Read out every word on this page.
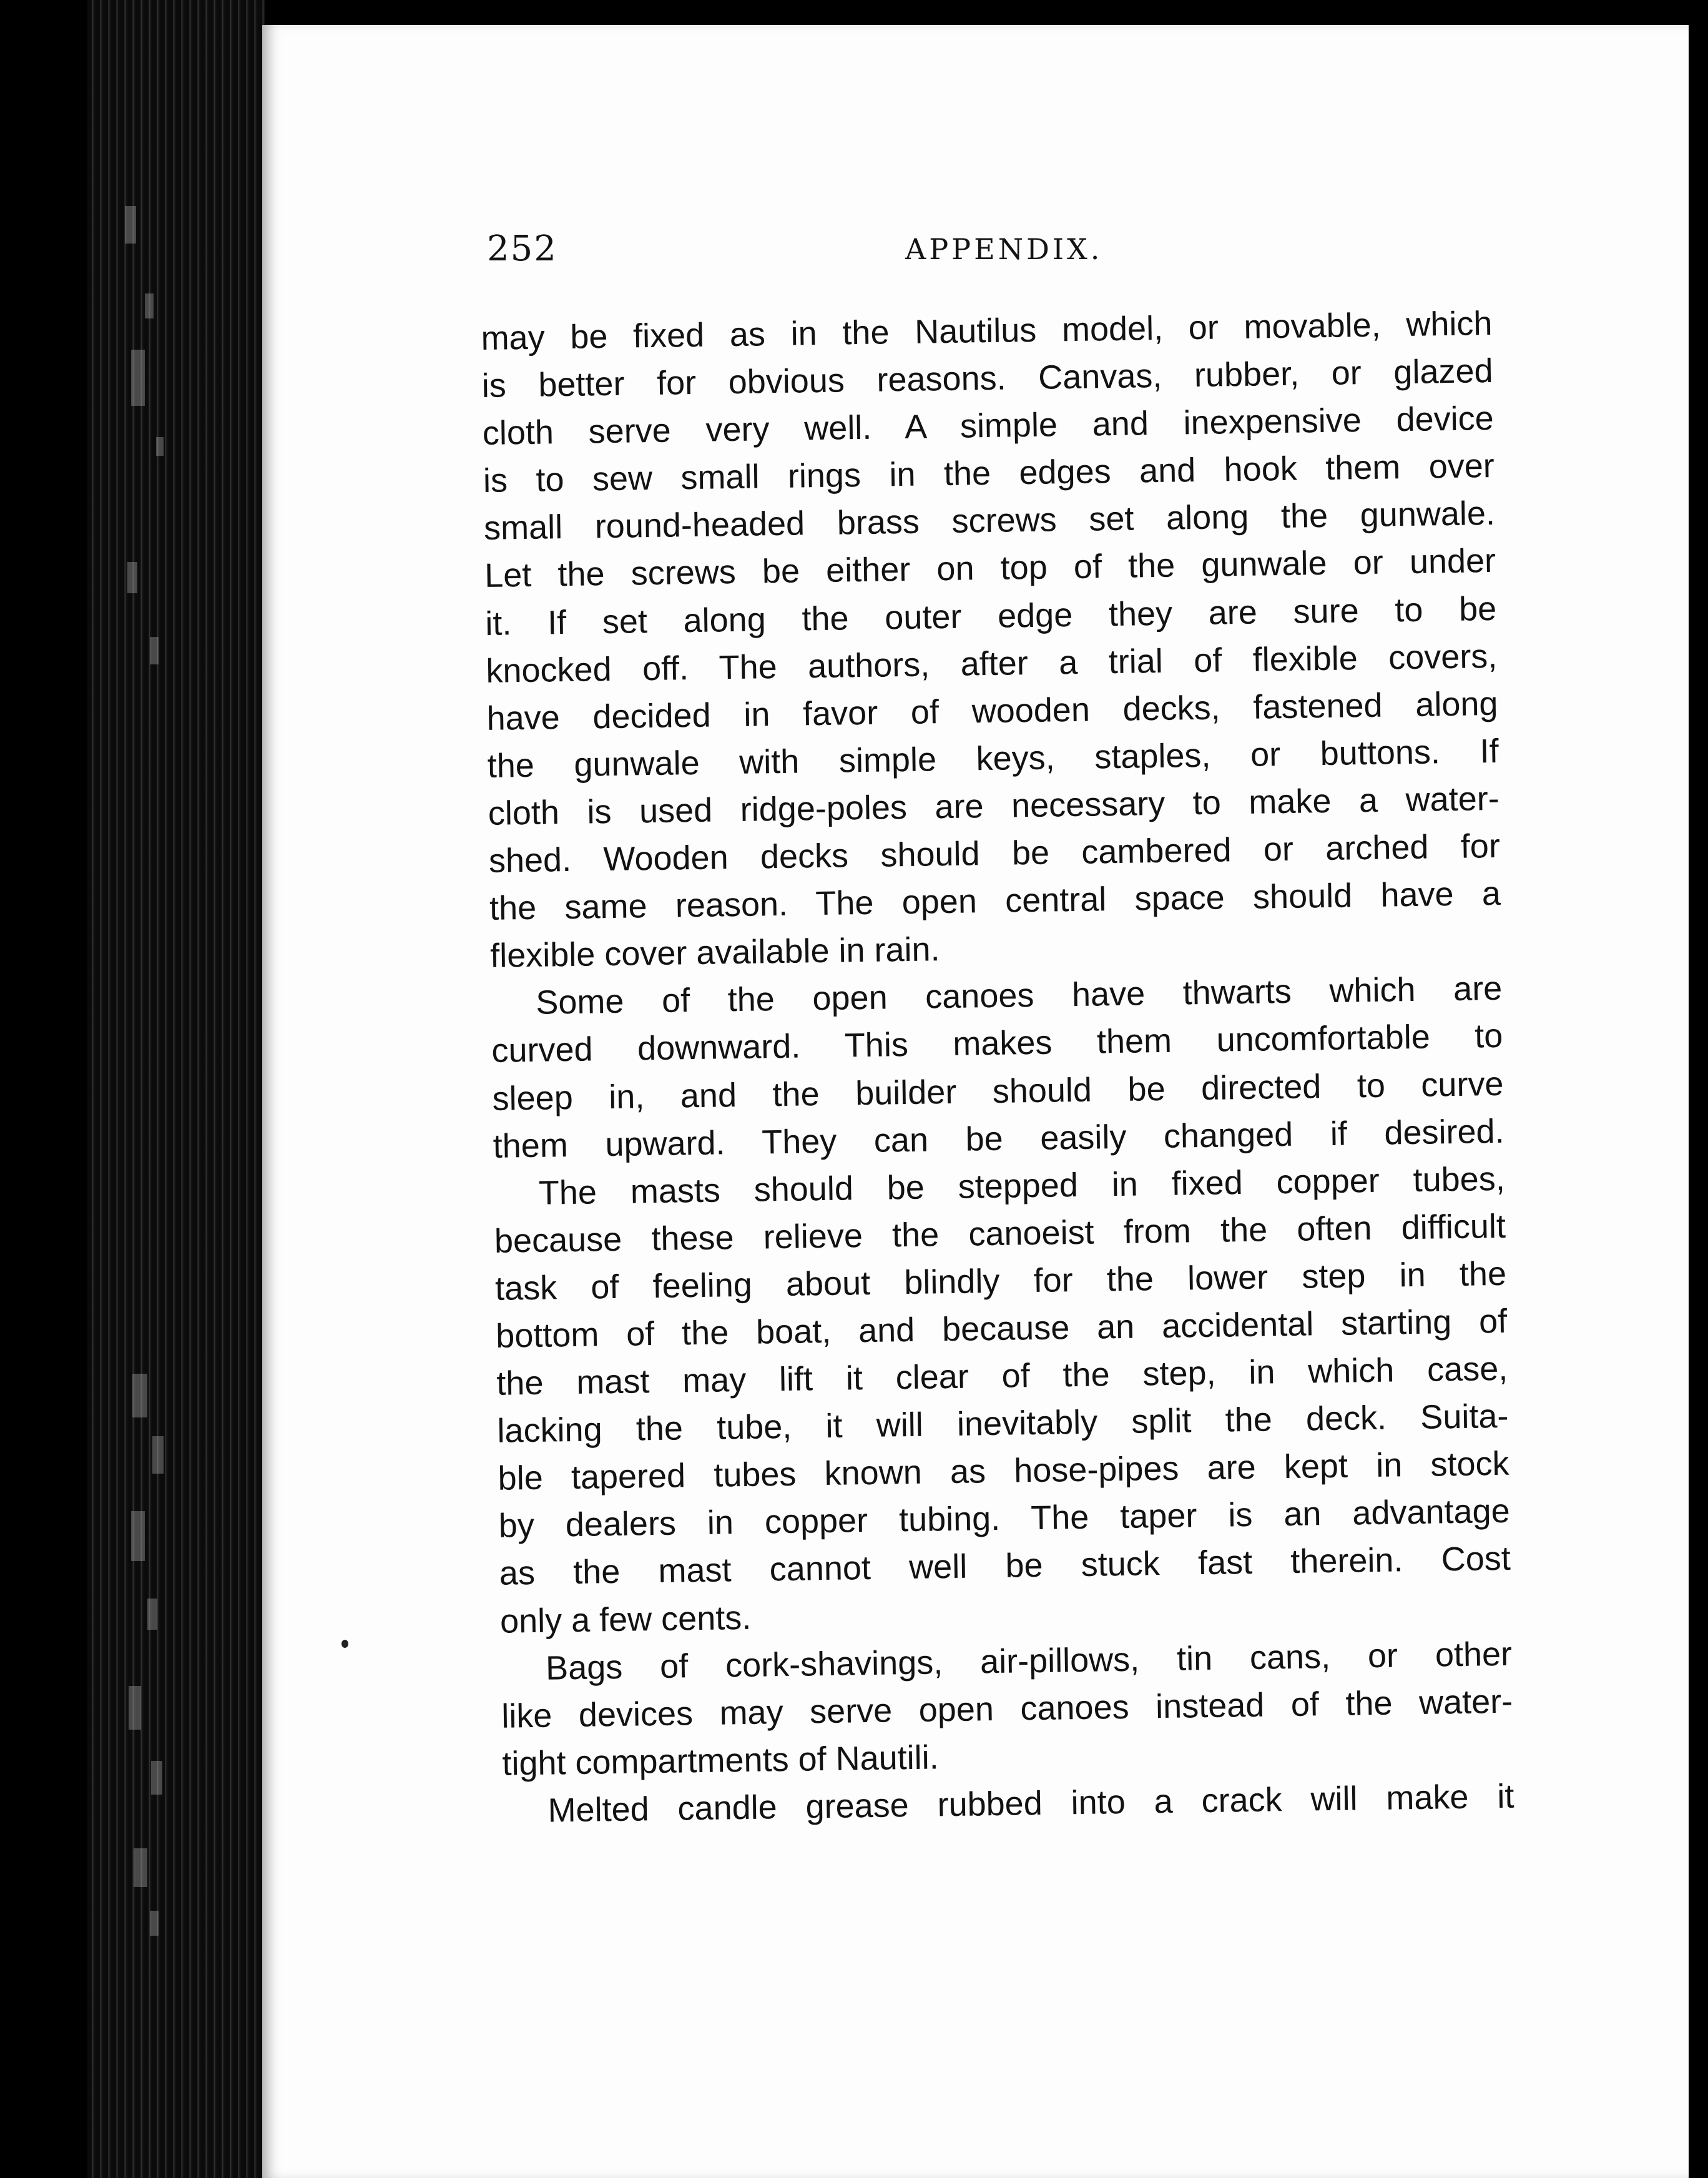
252	APPENDIX.
may be fixed as in the Nautilus model, or movable, which
is better for obvious reasons. Canvas, rubber, or glazed
cloth serve very well. A simple and inexpensive device
is to sew small rings in the edges and hook them over
small round-headed brass screws set along the gunwale.
Let the screws be either on top of the gunwale or under
it. If set along the outer edge they are sure to be
knocked off. The authors, after a trial of flexible covers,
have decided in favor of wooden decks, fastened along
the gunwale with simple keys, staples, or buttons. If
cloth is used ridge-poles are necessary to make a water-
shed. Wooden decks should be cambered or arched for
the same reason. The open central space should have a
flexible cover available in rain.
Some of the open canoes have thwarts which are
curved downward. This makes them uncomfortable to
sleep in, and the builder should be directed to curve
them upward. They can be easily changed if desired.
The masts should be stepped in fixed copper tubes,
because these relieve the canoeist from the often difficult
task of feeling about blindly for the lower step in the
bottom of the boat, and because an accidental starting of
the mast may lift it clear of the step, in which case,
lacking the tube, it will inevitably split the deck. Suita-
ble tapered tubes known as hose-pipes are kept in stock
by dealers in copper tubing. The taper is an advantage
as the mast cannot well be stuck fast therein. Cost
only a few cents.
Bags of cork-shavings, air-pillows, tin cans, or other
like devices may serve open canoes instead of the water-
tight compartments of Nautili.
Melted candle grease rubbed into a crack will make it
